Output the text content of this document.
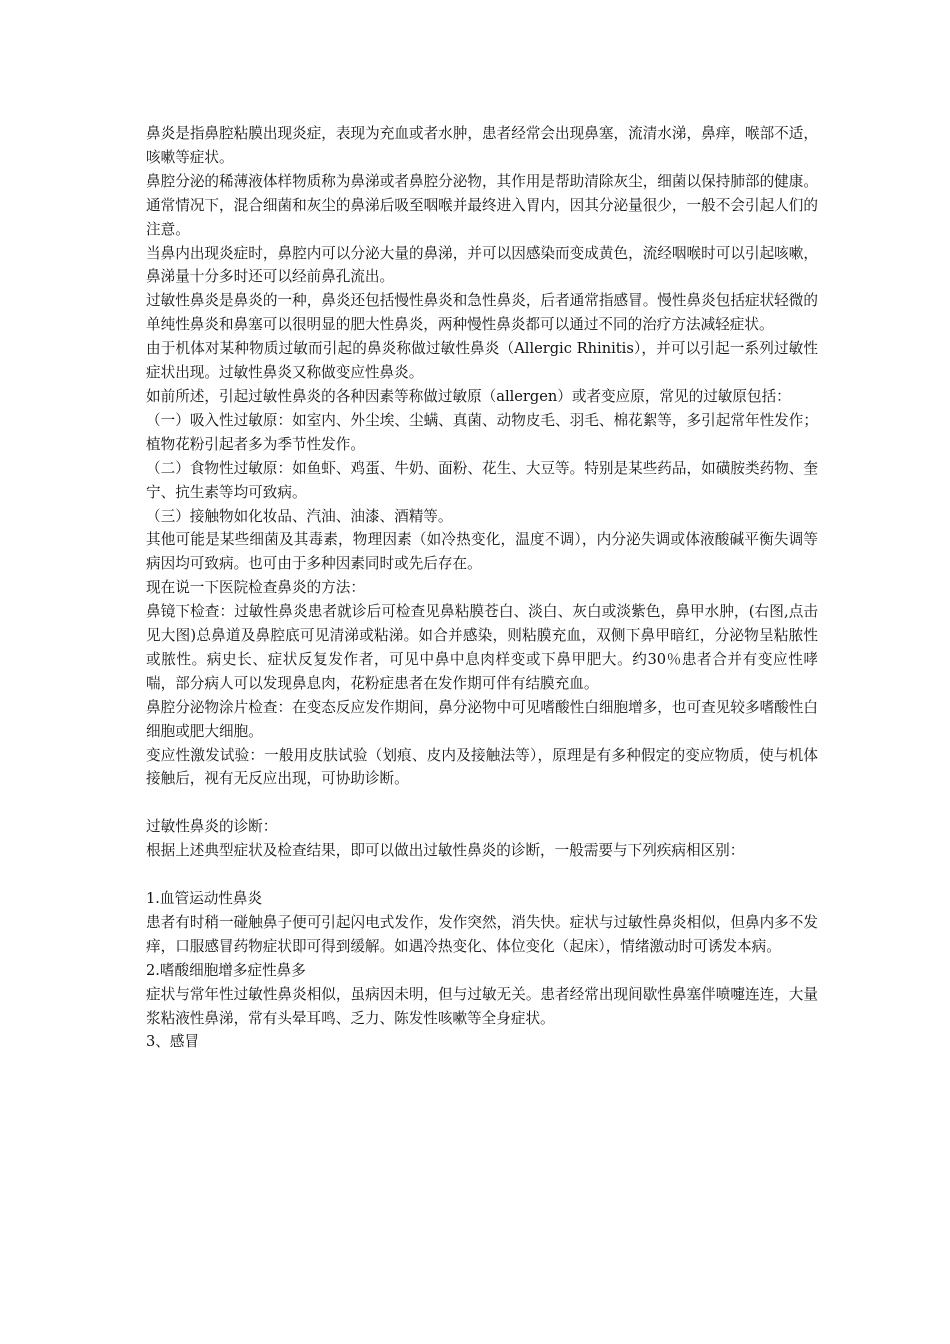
鼻炎是指鼻腔粘膜出现炎症，表现为充血或者水肿，患者经常会出现鼻塞，流清水涕，鼻痒，喉部不适，咳嗽等症状。

鼻腔分泌的稀薄液体样物质称为鼻涕或者鼻腔分泌物，其作用是帮助清除灰尘，细菌以保持肺部的健康。通常情况下，混合细菌和灰尘的鼻涕后吸至咽喉并最终进入胃内，因其分泌量很少，一般不会引起人们的注意。

当鼻内出现炎症时，鼻腔内可以分泌大量的鼻涕，并可以因感染而变成黄色，流经咽喉时可以引起咳嗽，鼻涕量十分多时还可以经前鼻孔流出。

过敏性鼻炎是鼻炎的一种，鼻炎还包括慢性鼻炎和急性鼻炎，后者通常指感冒。慢性鼻炎包括症状轻微的单纯性鼻炎和鼻塞可以很明显的肥大性鼻炎，两种慢性鼻炎都可以通过不同的治疗方法减轻症状。

由于机体对某种物质过敏而引起的鼻炎称做过敏性鼻炎（Allergic Rhinitis），并可以引起一系列过敏性症状出现。过敏性鼻炎又称做变应性鼻炎。

如前所述，引起过敏性鼻炎的各种因素等称做过敏原（allergen）或者变应原，常见的过敏原包括：

（一）吸入性过敏原：如室内、外尘埃、尘螨、真菌、动物皮毛、羽毛、棉花絮等，多引起常年性发作；植物花粉引起者多为季节性发作。

（二）食物性过敏原：如鱼虾、鸡蛋、牛奶、面粉、花生、大豆等。特别是某些药品，如磺胺类药物、奎宁、抗生素等均可致病。

（三）接触物如化妆品、汽油、油漆、酒精等。

其他可能是某些细菌及其毒素，物理因素（如冷热变化，温度不调），内分泌失调或体液酸碱平衡失调等病因均可致病。也可由于多种因素同时或先后存在。

现在说一下医院检查鼻炎的方法：

鼻镜下检查：过敏性鼻炎患者就诊后可检查见鼻粘膜苍白、淡白、灰白或淡紫色，鼻甲水肿，(右图,点击见大图)总鼻道及鼻腔底可见清涕或粘涕。如合并感染，则粘膜充血，双侧下鼻甲暗红，分泌物呈粘脓性或脓性。病史长、症状反复发作者，可见中鼻中息肉样变或下鼻甲肥大。约30％患者合并有变应性哮喘，部分病人可以发现鼻息肉，花粉症患者在发作期可伴有结膜充血。

鼻腔分泌物涂片检查：在变态反应发作期间，鼻分泌物中可见嗜酸性白细胞增多，也可查见较多嗜酸性白细胞或肥大细胞。

变应性激发试验：一般用皮肤试验（划痕、皮内及接触法等），原理是有多种假定的变应物质，使与机体接触后，视有无反应出现，可协助诊断。

过敏性鼻炎的诊断：

根据上述典型症状及检查结果，即可以做出过敏性鼻炎的诊断，一般需要与下列疾病相区别：

1.血管运动性鼻炎

患者有时稍一碰触鼻子便可引起闪电式发作，发作突然，消失快。症状与过敏性鼻炎相似，但鼻内多不发痒，口服感冒药物症状即可得到缓解。如遇冷热变化、体位变化（起床），情绪激动时可诱发本病。

2.嗜酸细胞增多症性鼻多

症状与常年性过敏性鼻炎相似，虽病因未明，但与过敏无关。患者经常出现间歇性鼻塞伴喷嚏连连，大量浆粘液性鼻涕，常有头晕耳鸣、乏力、陈发性咳嗽等全身症状。

3、感冒
